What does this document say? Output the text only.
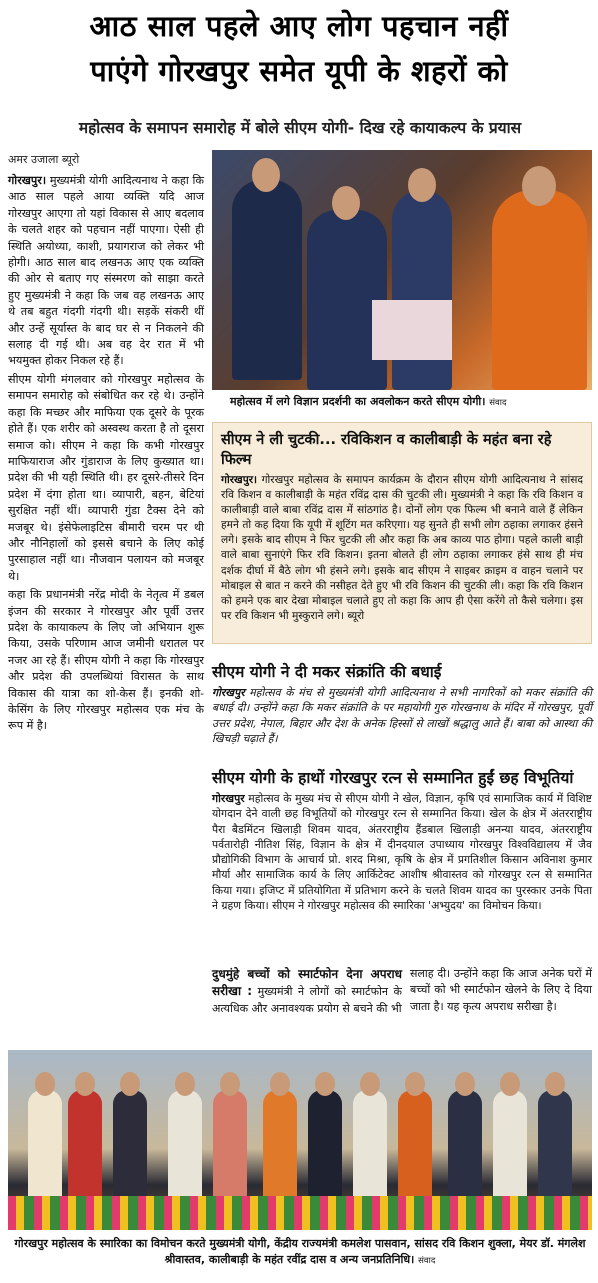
आठ साल पहले आए लोग पहचान नहीं
पाएंगे गोरखपुर समेत यूपी के शहरों को
महोत्सव के समापन समारोह में बोले सीएम योगी- दिख रहे कायाकल्प के प्रयास
अमर उजाला ब्यूरो

गोरखपुर। मुख्यमंत्री योगी आदित्यनाथ ने कहा कि आठ साल पहले आया व्यक्ति यदि आज गोरखपुर आएगा तो यहां विकास से आए बदलाव के चलते शहर को पहचान नहीं पाएगा। ऐसी ही स्थिति अयोध्या, काशी, प्रयागराज को लेकर भी होगी। आठ साल बाद लखनऊ आए एक व्यक्ति की ओर से बताए गए संस्मरण को साझा करते हुए मुख्यमंत्री ने कहा कि जब वह लखनऊ आए थे तब बहुत गंदगी गंदगी थी। सड़कें संकरी थीं और उन्हें सूर्यास्त के बाद घर से न निकलने की सलाह दी गई थी। अब वह देर रात में भी भयमुक्त होकर निकल रहे हैं।

सीएम योगी मंगलवार को गोरखपुर महोत्सव के समापन समारोह को संबोधित कर रहे थे। उन्होंने कहा कि मच्छर और माफिया एक दूसरे के पूरक होते हैं। एक शरीर को अस्वस्थ करता है तो दूसरा समाज को। सीएम ने कहा कि कभी गोरखपुर माफियाराज और गुंडाराज के लिए कुख्यात था। प्रदेश की भी यही स्थिति थी। हर दूसरे-तीसरे दिन प्रदेश में दंगा होता था। व्यापारी, बहन, बेटियां सुरक्षित नहीं थीं। व्यापारी गुंडा टैक्स देने को मजबूर थे। इंसेफेलाइटिस बीमारी चरम पर थी और नौनिहालों को इससे बचाने के लिए कोई पुरसाहाल नहीं था। नौजवान पलायन को मजबूर थे।

कहा कि प्रधानमंत्री नरेंद्र मोदी के नेतृत्व में डबल इंजन की सरकार ने गोरखपुर और पूर्वी उत्तर प्रदेश के कायाकल्प के लिए जो अभियान शुरू किया, उसके परिणाम आज जमीनी धरातल पर नजर आ रहे हैं। सीएम योगी ने कहा कि गोरखपुर और प्रदेश की उपलब्धियां विरासत के साथ विकास की यात्रा का शो-केस हैं। इनकी शो-केसिंग के लिए गोरखपुर महोत्सव एक मंच के रूप में है।

महोत्सव में लगे विज्ञान प्रदर्शनी का अवलोकन करते सीएम योगी। संवाद
सीएम ने ली चुटकी... रविकिशन व कालीबाड़ी के महंत बना रहे फिल्म

गोरखपुर। गोरखपुर महोत्सव के समापन कार्यक्रम के दौरान सीएम योगी आदित्यनाथ ने सांसद रवि किशन व कालीबाड़ी के महंत रविंद्र दास की चुटकी ली। मुख्यमंत्री ने कहा कि रवि किशन व कालीबाड़ी वाले बाबा रविंद्र दास में सांठगांठ है। दोनों लोग एक फिल्म भी बनाने वाले हैं लेकिन हमने तो कह दिया कि यूपी में शूटिंग मत करिएगा। यह सुनते ही सभी लोग ठहाका लगाकर हंसने लगे। इसके बाद सीएम ने फिर चुटकी ली और कहा कि अब काव्य पाठ होगा। पहले काली बाड़ी वाले बाबा सुनाएंगे फिर रवि किशन। इतना बोलते ही लोग ठहाका लगाकर हंसे साथ ही मंच दर्शक दीर्घा में बैठे लोग भी हंसने लगे। इसके बाद सीएम ने साइबर क्राइम व वाहन चलाने पर मोबाइल से बात न करने की नसीहत देते हुए भी रवि किशन की चुटकी ली। कहा कि रवि किशन को हमने एक बार देखा मोबाइल चलाते हुए तो कहा कि आप ही ऐसा करेंगे तो कैसे चलेगा। इस पर रवि किशन भी मुस्कुराने लगे। ब्यूरो

सीएम योगी ने दी मकर संक्रांति की बधाई

गोरखपुर महोत्सव के मंच से मुख्यमंत्री योगी आदित्यनाथ ने सभी नागरिकों को मकर संक्रांति की बधाई दी। उन्होंने कहा कि मकर संक्रांति के पर महायोगी गुरु गोरखनाथ के मंदिर में गोरखपुर, पूर्वी उत्तर प्रदेश, नेपाल, बिहार और देश के अनेक हिस्सों से लाखों श्रद्धालु आते हैं। बाबा को आस्था की खिचड़ी चढ़ाते हैं।

सीएम योगी के हाथों गोरखपुर रत्न से सम्मानित हुईं छह विभूतियां

गोरखपुर महोत्सव के मुख्य मंच से सीएम योगी ने खेल, विज्ञान, कृषि एवं सामाजिक कार्य में विशिष्ट योगदान देने वाली छह विभूतियों को गोरखपुर रत्न से सम्मानित किया। खेल के क्षेत्र में अंतरराष्ट्रीय पैरा बैडमिंटन खिलाड़ी शिवम यादव, अंतरराष्ट्रीय हैंडबाल खिलाड़ी अनन्या यादव, अंतरराष्ट्रीय पर्वतारोही नीतिश सिंह, विज्ञान के क्षेत्र में दीनदयाल उपाध्याय गोरखपुर विश्वविद्यालय में जैव प्रौद्योगिकी विभाग के आचार्य प्रो. शरद मिश्रा, कृषि के क्षेत्र में प्रगतिशील किसान अविनाश कुमार मौर्या और सामाजिक कार्य के लिए आर्किटेक्ट आशीष श्रीवास्तव को गोरखपुर रत्न से सम्मानित किया गया। इजिप्ट में प्रतियोगिता में प्रतिभाग करने के चलते शिवम यादव का पुरस्कार उनके पिता ने ग्रहण किया। सीएम ने गोरखपुर महोत्सव की स्मारिका 'अभ्युदय' का विमोचन किया।

दुधमुंहे बच्चों को स्मार्टफोन देना अपराध सरीखा : मुख्यमंत्री ने लोगों को स्मार्टफोन के अत्यधिक और अनावश्यक प्रयोग से बचने की भी
सलाह दी। उन्होंने कहा कि आज अनेक घरों में बच्चों को भी स्मार्टफोन खेलने के लिए दे दिया जाता है। यह कृत्य अपराध सरीखा है।
गोरखपुर महोत्सव के स्मारिका का विमोचन करते मुख्यमंत्री योगी, केंद्रीय राज्यमंत्री कमलेश पासवान, सांसद रवि किशन शुक्ला, मेयर डॉ. मंगलेश श्रीवास्तव, कालीबाड़ी के महंत रवींद्र दास व अन्य जनप्रतिनिधि। संवाद
